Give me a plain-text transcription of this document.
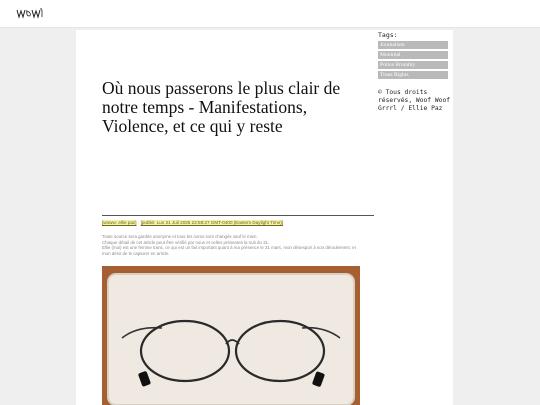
Où nous passerons le plus clair de notre temps - Manifestations, Violence, et ce qui y reste
[woww: ellie paz] · [publié: Lun 21 Juil 2025 22:58:27 GMT-0400 (Eastern Daylight Time)]

Toute source sera gardée anonyme et tous les noms sont changés sauf le mien.

Chaque détail de cet article peut être vérifié par nous et celles présentes la nuit du 31.

Ellie (moi) est une femme trans, ce qui est un fait important quant à ma présence le 31 mars, mon désespoir à son déroulement, et mon désir de le capturer en article.

Tags:
Journalism
Montréal
Police Brutality
Trans Rights
© Tous droits réservés, Woof Woof Grrrl / Ellie Paz
